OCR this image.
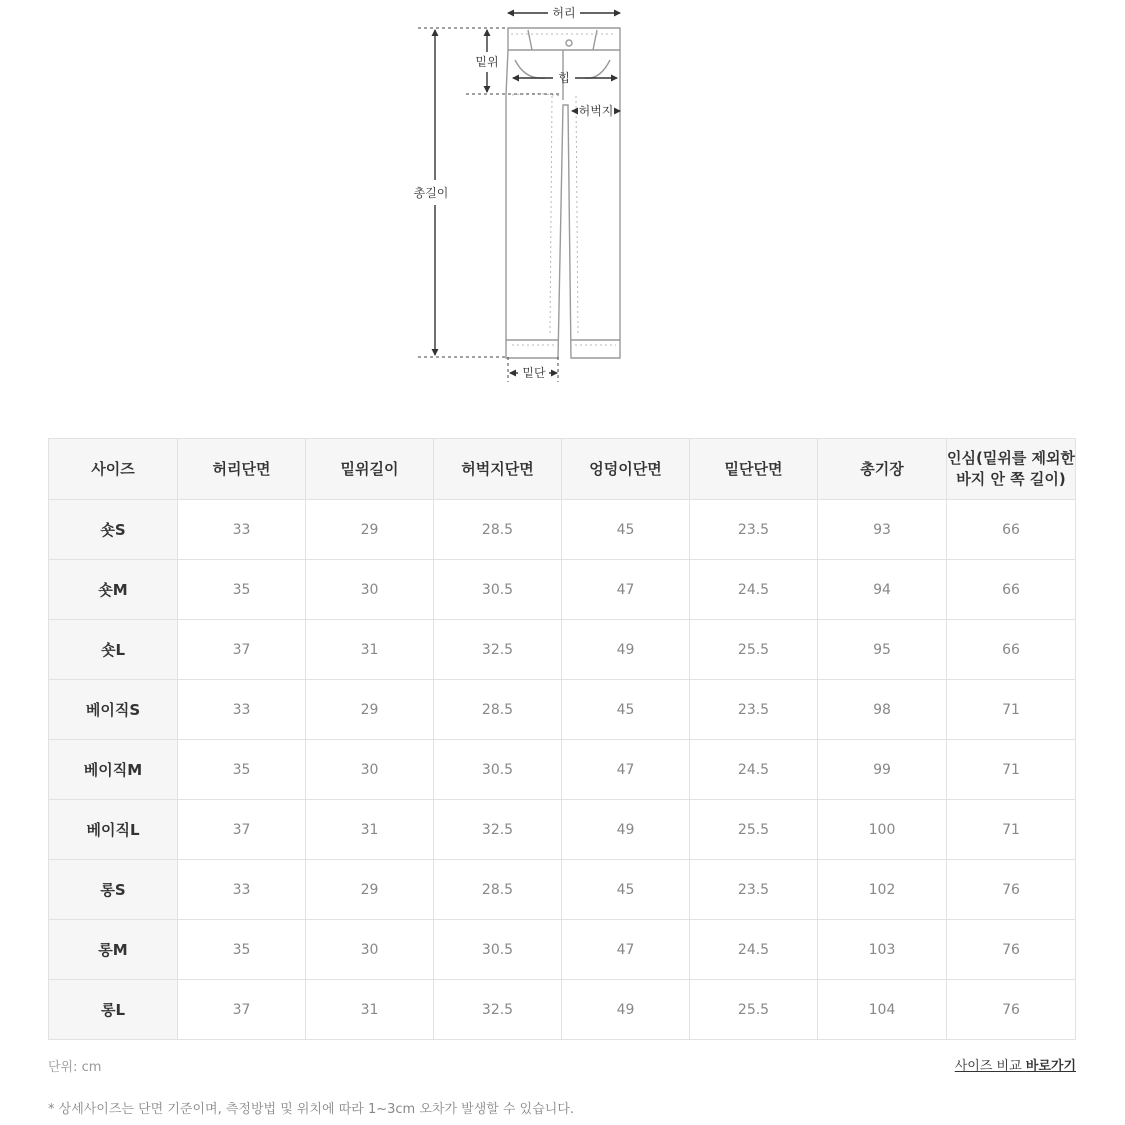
허리
밑위
힙
허벅지
총길이
밑단
사이즈	허리단면	밑위길이	허벅지단면	엉덩이단면	밑단단면	총기장	인심(밑위를 제외한
바지 안 쪽 길이)
숏S	33	29	28.5	45	23.5	93	66
숏M	35	30	30.5	47	24.5	94	66
숏L	37	31	32.5	49	25.5	95	66
베이직S	33	29	28.5	45	23.5	98	71
베이직M	35	30	30.5	47	24.5	99	71
베이직L	37	31	32.5	49	25.5	100	71
롱S	33	29	28.5	45	23.5	102	76
롱M	35	30	30.5	47	24.5	103	76
롱L	37	31	32.5	49	25.5	104	76
단위: cm	사이즈 비교 바로가기
* 상세사이즈는 단면 기준이며, 측정방법 및 위치에 따라 1~3cm 오차가 발생할 수 있습니다.
